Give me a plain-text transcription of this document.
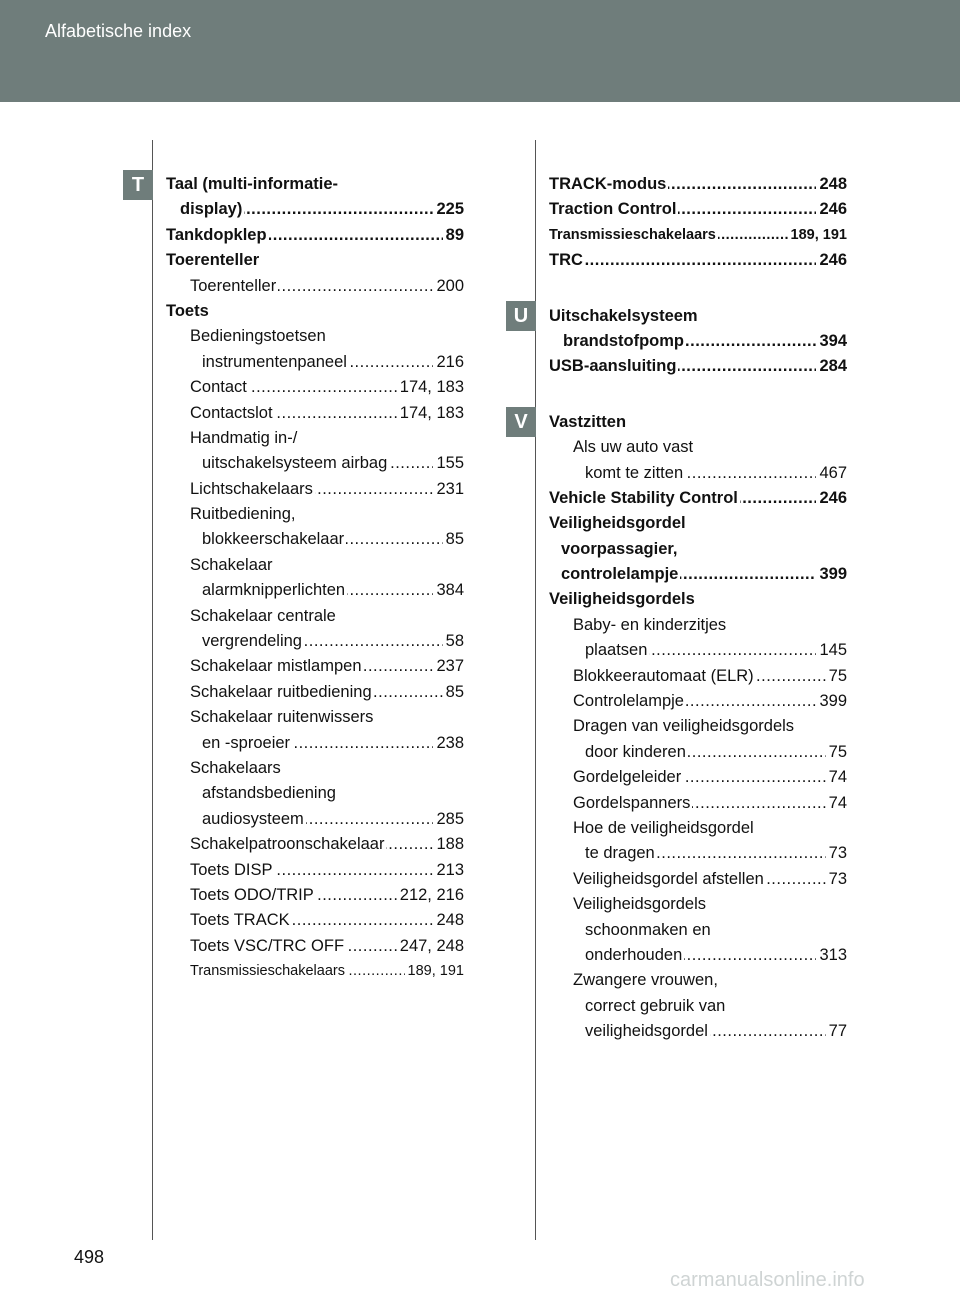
Alfabetische index
T
U
V
Taal (multi-informatie-
display) .....	225
Tankdopklep .....	89
Toerenteller
Toerenteller .....	200
Toets
Bedieningstoetsen
instrumentenpaneel .....	216
Contact .....	174, 183
Contactslot .....	174, 183
Handmatig in-/
uitschakelsysteem airbag .....	155
Lichtschakelaars .....	231
Ruitbediening,
blokkeerschakelaar .....	85
Schakelaar
alarmknipperlichten .....	384
Schakelaar centrale
vergrendeling .....	58
Schakelaar mistlampen .....	237
Schakelaar ruitbediening .....	85
Schakelaar ruitenwissers
en -sproeier .....	238
Schakelaars
afstandsbediening
audiosysteem .....	285
Schakelpatroonschakelaar .....	188
Toets DISP .....	213
Toets ODO/TRIP .....	212, 216
Toets TRACK .....	248
Toets VSC/TRC OFF .....	247, 248
Transmissieschakelaars .....	189, 191
TRACK-modus .....	248
Traction Control .....	246
Transmissieschakelaars .....	189, 191
TRC .....	246
Uitschakelsysteem
brandstofpomp .....	394
USB-aansluiting .....	284
Vastzitten
Als uw auto vast
komt te zitten .....	467
Vehicle Stability Control .....	246
Veiligheidsgordel
voorpassagier,
controlelampje .....	399
Veiligheidsgordels
Baby- en kinderzitjes
plaatsen .....	145
Blokkeerautomaat (ELR) .....	75
Controlelampje .....	399
Dragen van veiligheidsgordels
door kinderen .....	75
Gordelgeleider .....	74
Gordelspanners .....	74
Hoe de veiligheidsgordel
te dragen .....	73
Veiligheidsgordel afstellen .....	73
Veiligheidsgordels
schoonmaken en
onderhouden .....	313
Zwangere vrouwen,
correct gebruik van
veiligheidsgordel .....	77
498
carmanualsonline.info
